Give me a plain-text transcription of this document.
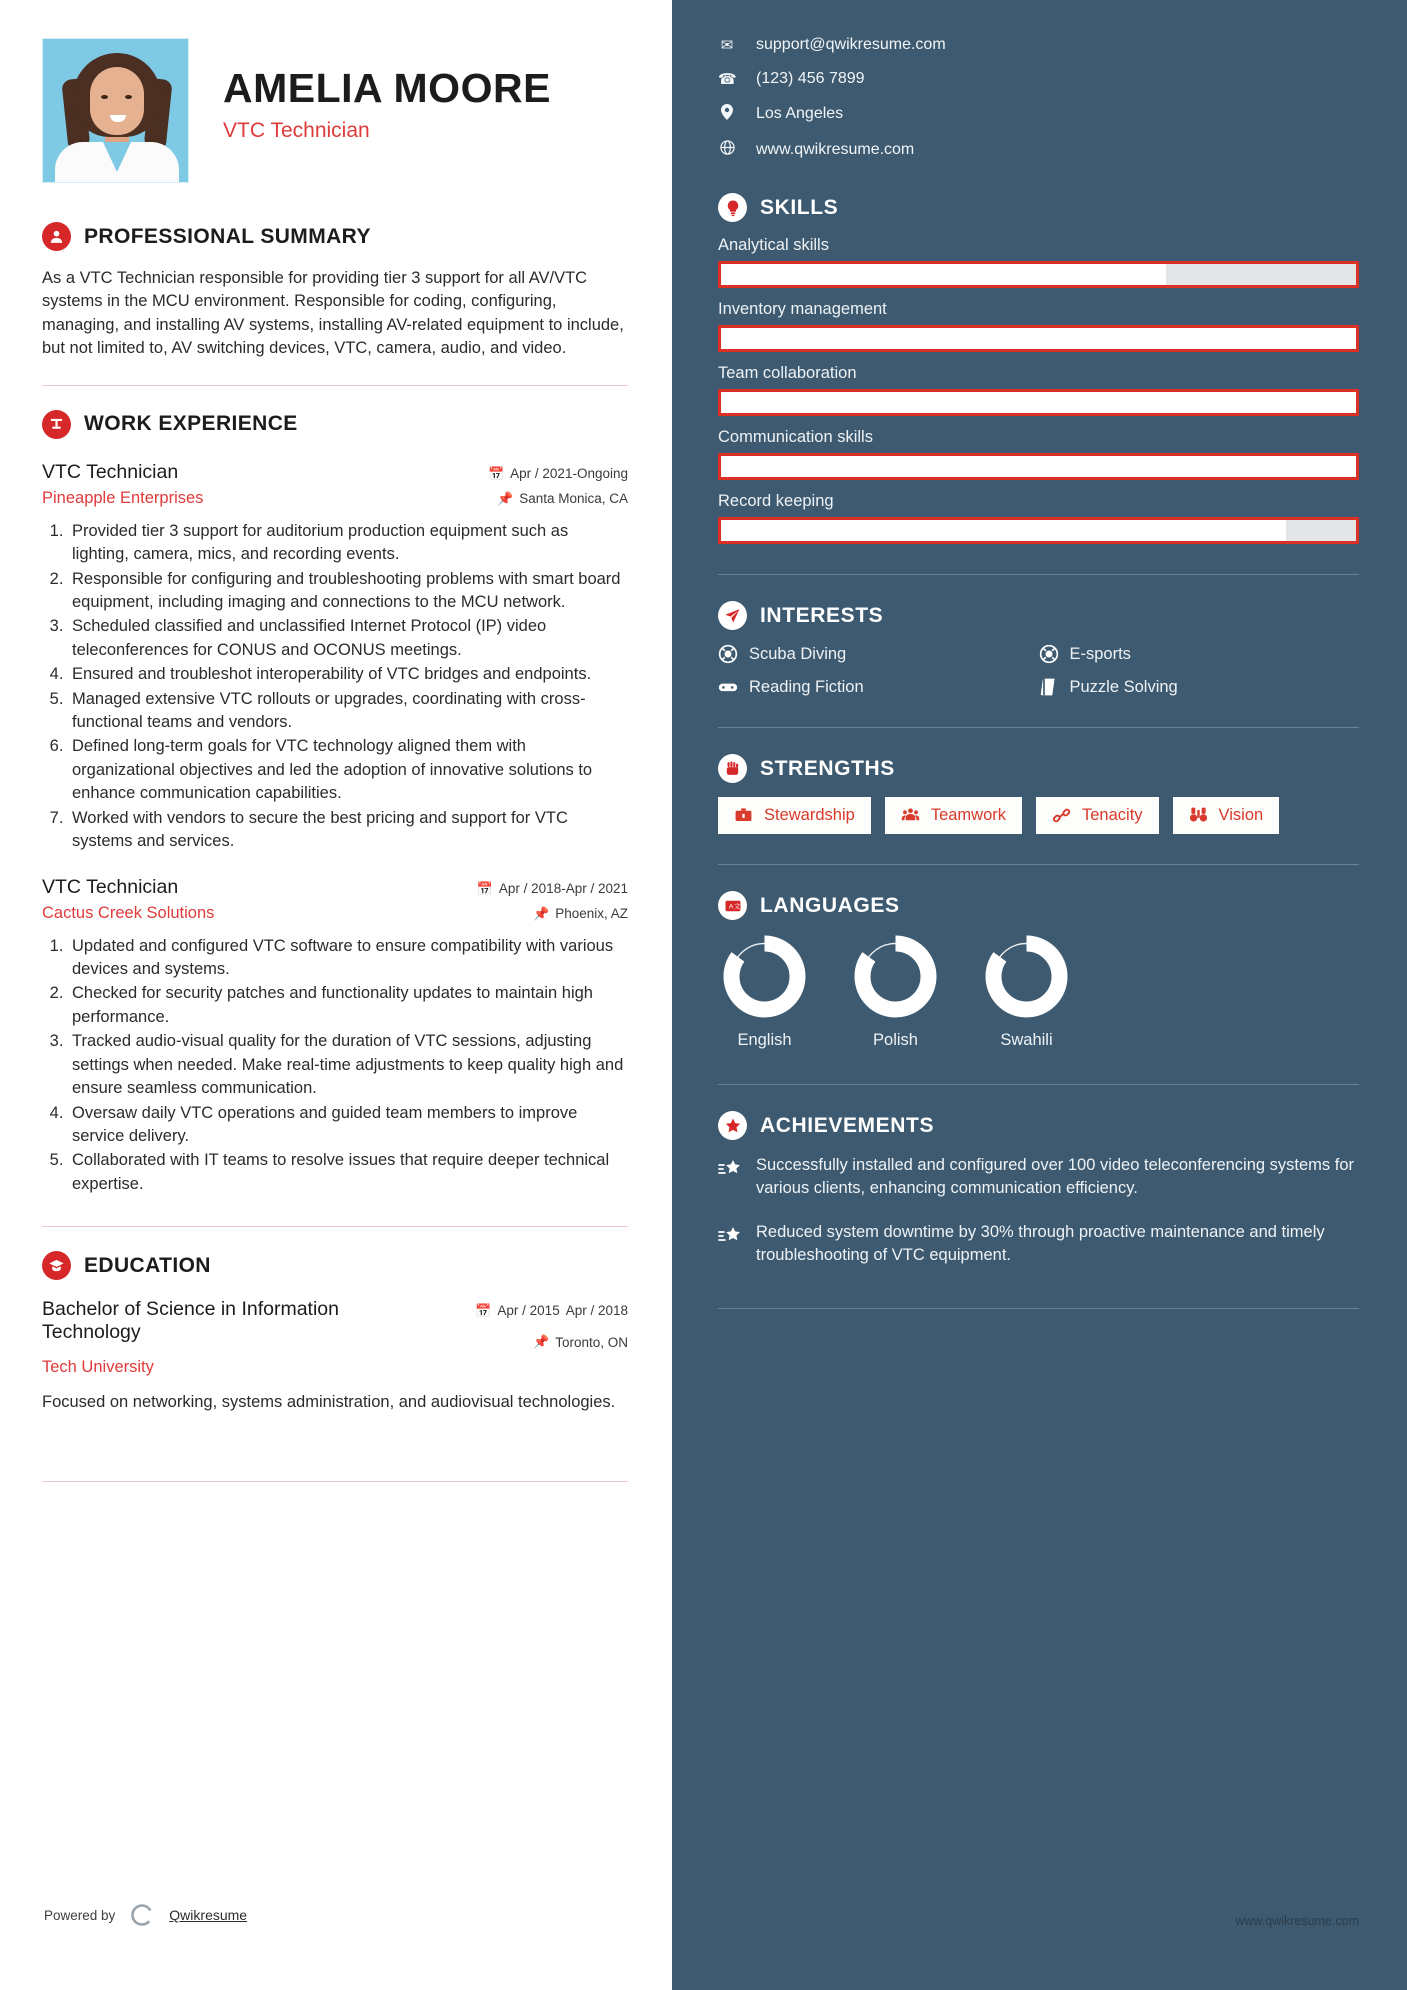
AMELIA MOORE
VTC Technician
PROFESSIONAL SUMMARY
As a VTC Technician responsible for providing tier 3 support for all AV/VTC systems in the MCU environment. Responsible for coding, configuring, managing, and installing AV systems, installing AV-related equipment to include, but not limited to, AV switching devices, VTC, camera, audio, and video.
WORK EXPERIENCE
VTC Technician
Pineapple Enterprises
📅 Apr / 2021-Ongoing
📌 Santa Monica, CA
1. Provided tier 3 support for auditorium production equipment such as lighting, camera, mics, and recording events.
2. Responsible for configuring and troubleshooting problems with smart board equipment, including imaging and connections to the MCU network.
3. Scheduled classified and unclassified Internet Protocol (IP) video teleconferences for CONUS and OCONUS meetings.
4. Ensured and troubleshot interoperability of VTC bridges and endpoints.
5. Managed extensive VTC rollouts or upgrades, coordinating with cross-functional teams and vendors.
6. Defined long-term goals for VTC technology aligned them with organizational objectives and led the adoption of innovative solutions to enhance communication capabilities.
7. Worked with vendors to secure the best pricing and support for VTC systems and services.
VTC Technician
Cactus Creek Solutions
📅 Apr / 2018-Apr / 2021
📌 Phoenix, AZ
1. Updated and configured VTC software to ensure compatibility with various devices and systems.
2. Checked for security patches and functionality updates to maintain high performance.
3. Tracked audio-visual quality for the duration of VTC sessions, adjusting settings when needed. Make real-time adjustments to keep quality high and ensure seamless communication.
4. Oversaw daily VTC operations and guided team members to improve service delivery.
5. Collaborated with IT teams to resolve issues that require deeper technical expertise.
EDUCATION
Bachelor of Science in Information Technology
Tech University
📅 Apr / 2015 Apr / 2018
📌 Toronto, ON
Focused on networking, systems administration, and audiovisual technologies.
Powered by	Qwikresume
✉ support@qwikresume.com
☎ (123) 456 7899
Los Angeles
www.qwikresume.com
SKILLS
Analytical skills
Inventory management
Team collaboration
Communication skills
Record keeping
INTERESTS
Scuba Diving	E-sports
Reading Fiction	Puzzle Solving
STRENGTHS
Stewardship	Teamwork	Tenacity	Vision
A 文 LANGUAGES
English	Polish	Swahili
ACHIEVEMENTS
Successfully installed and configured over 100 video teleconferencing systems for various clients, enhancing communication efficiency.
Reduced system downtime by 30% through proactive maintenance and timely troubleshooting of VTC equipment.
www.qwikresume.com
